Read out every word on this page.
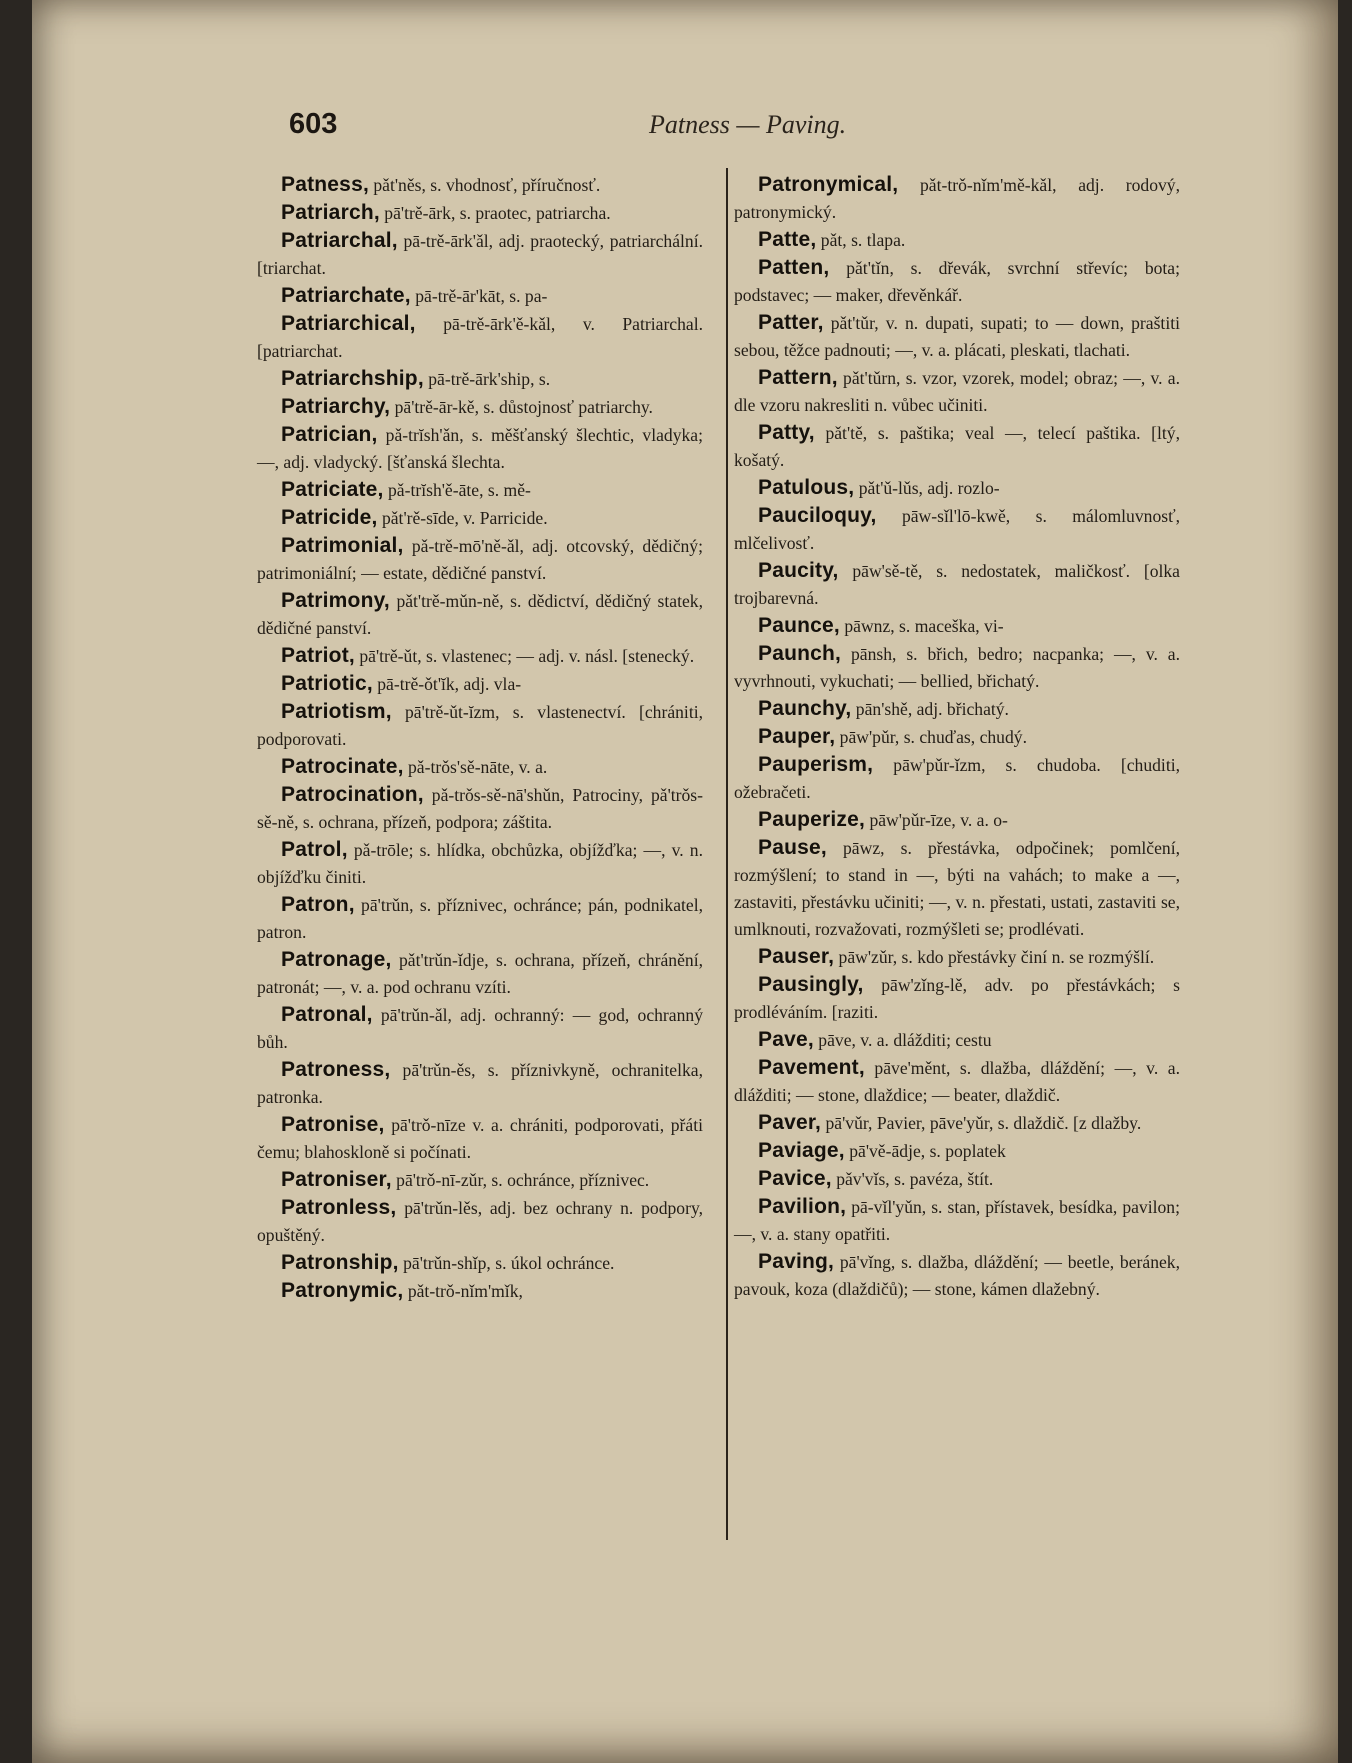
603	Patness — Paving.

Patness, pǎt'něs, s. vhodnosť, příručnosť.

Patriarch, pā'trě-ārk, s. praotec, patriarcha.

Patriarchal, pā-trě-ārk'ǎl, adj. praotecký, patriarchální. [triarchat.

Patriarchate, pā-trě-ār'kāt, s. pa-

Patriarchical, pā-trě-ārk'ě-kǎl, v. Patriarchal. [patriarchat.

Patriarchship, pā-trě-ārk'ship, s.

Patriarchy, pā'trě-ār-kě, s. důstojnosť patriarchy.

Patrician, pǎ-trĭsh'ǎn, s. měšťanský šlechtic, vladyka; —, adj. vladycký. [šťanská šlechta.

Patriciate, pǎ-trĭsh'ě-āte, s. mě-

Patricide, pǎt'rě-sīde, v. Parricide.

Patrimonial, pǎ-trě-mō'ně-ǎl, adj. otcovský, dědičný; patrimoniální; — estate, dědičné panství.

Patrimony, pǎt'trě-mǔn-ně, s. dědictví, dědičný statek, dědičné panství.

Patriot, pā'trě-ǔt, s. vlastenec; — adj. v. násl. [stenecký.

Patriotic, pā-trě-ǒt'ĭk, adj. vla-

Patriotism, pā'trě-ǔt-ĭzm, s. vlastenectví. [chrániti, podporovati.

Patrocinate, pǎ-trǒs'sě-nāte, v. a.

Patrocination, pǎ-trǒs-sě-nā'shǔn, Patrociny, pǎ'trǒs-sě-ně, s. ochrana, přízeň, podpora; záštita.

Patrol, pǎ-trōle; s. hlídka, obchůzka, objížďka; —, v. n. objížďku činiti.

Patron, pā'trǔn, s. příznivec, ochránce; pán, podnikatel, patron.

Patronage, pǎt'trǔn-ǐdje, s. ochrana, přízeň, chránění, patronát; —, v. a. pod ochranu vzíti.

Patronal, pā'trǔn-ǎl, adj. ochranný: — god, ochranný bůh.

Patroness, pā'trǔn-ěs, s. příznivkyně, ochranitelka, patronka.

Patronise, pā'trǒ-nīze v. a. chrániti, podporovati, přáti čemu; blahoskloně si počínati.

Patroniser, pā'trǒ-nī-zǔr, s. ochránce, příznivec.

Patronless, pā'trǔn-lěs, adj. bez ochrany n. podpory, opuštěný.

Patronship, pā'trǔn-shǐp, s. úkol ochránce.

Patronymic, pǎt-trǒ-nǐm'mǐk,

Patronymical, pǎt-trǒ-nǐm'mě-kǎl, adj. rodový, patronymický.

Patte, pǎt, s. tlapa.

Patten, pǎt'tǐn, s. dřevák, svrchní střevíc; bota; podstavec; — maker, dřevěnkář.

Patter, pǎt'tǔr, v. n. dupati, supati; to — down, praštiti sebou, těžce padnouti; —, v. a. plácati, pleskati, tlachati.

Pattern, pǎt'tǔrn, s. vzor, vzorek, model; obraz; —, v. a. dle vzoru nakresliti n. vůbec učiniti.

Patty, pǎt'tě, s. paštika; veal —, telecí paštika. [ltý, košatý.

Patulous, pǎt'ǔ-lǔs, adj. rozlo-

Pauciloquy, pāw-sǐl'lō-kwě, s. málomluvnosť, mlčelivosť.

Paucity, pāw'sě-tě, s. nedostatek, maličkosť. [olka trojbarevná.

Paunce, pāwnz, s. maceška, vi-

Paunch, pānsh, s. břich, bedro; nacpanka; —, v. a. vyvrhnouti, vykuchati; — bellied, břichatý.

Paunchy, pān'shě, adj. břichatý.

Pauper, pāw'pǔr, s. chuďas, chudý.

Pauperism, pāw'pǔr-ǐzm, s. chudoba. [chuditi, ožebračeti.

Pauperize, pāw'pǔr-īze, v. a. o-

Pause, pāwz, s. přestávka, odpočinek; pomlčení, rozmýšlení; to stand in —, býti na vahách; to make a —, zastaviti, přestávku učiniti; —, v. n. přestati, ustati, zastaviti se, umlknouti, rozvažovati, rozmýšleti se; prodlévati.

Pauser, pāw'zǔr, s. kdo přestávky činí n. se rozmýšlí.

Pausingly, pāw'zǐng-lě, adv. po přestávkách; s prodléváním. [raziti.

Pave, pāve, v. a. dlážditi; cestu

Pavement, pāve'měnt, s. dlažba, dláždění; —, v. a. dlážditi; — stone, dlaždice; — beater, dlaždič.

Paver, pā'vǔr, Pavier, pāve'yǔr, s. dlaždič. [z dlažby.

Paviage, pā'vě-ādje, s. poplatek

Pavice, pǎv'vǐs, s. pavéza, štít.

Pavilion, pā-vǐl'yǔn, s. stan, přístavek, besídka, pavilon; —, v. a. stany opatřiti.

Paving, pā'vǐng, s. dlažba, dláždění; — beetle, beránek, pavouk, koza (dlaždičů); — stone, kámen dlažebný.
